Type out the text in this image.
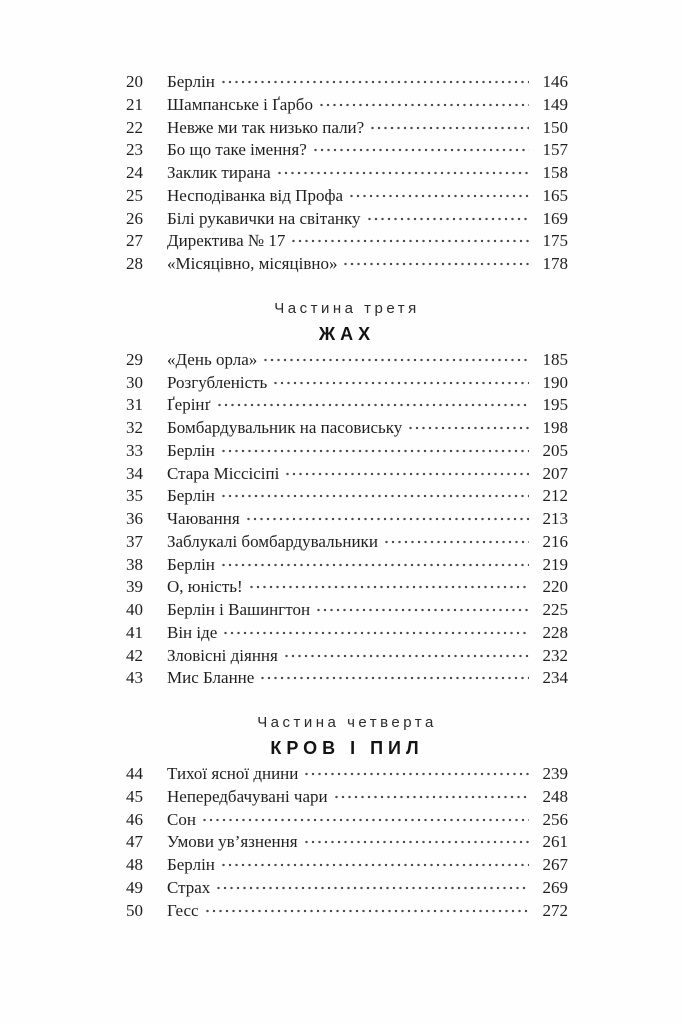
20	Берлін	146
21	Шампанське і Ґарбо	149
22	Невже ми так низько пали?	150
23	Бо що таке імення?	157
24	Заклик тирана	158
25	Несподіванка від Профа	165
26	Білі рукавички на світанку	169
27	Директива № 17	175
28	«Місяцівно, місяцівно»	178
Частина третя
ЖАХ
29	«День орла»	185
30	Розгубленість	190
31	Ґерінґ	195
32	Бомбардувальник на пасовиську	198
33	Берлін	205
34	Стара Міссісіпі	207
35	Берлін	212
36	Чаювання	213
37	Заблукалі бомбардувальники	216
38	Берлін	219
39	О, юність!	220
40	Берлін і Вашингтон	225
41	Він іде	228
42	Зловісні діяння	232
43	Мис Бланне	234
Частина четверта
КРОВ І ПИЛ
44	Тихої ясної днини	239
45	Непередбачувані чари	248
46	Сон	256
47	Умови ув’язнення	261
48	Берлін	267
49	Страх	269
50	Гесс	272
